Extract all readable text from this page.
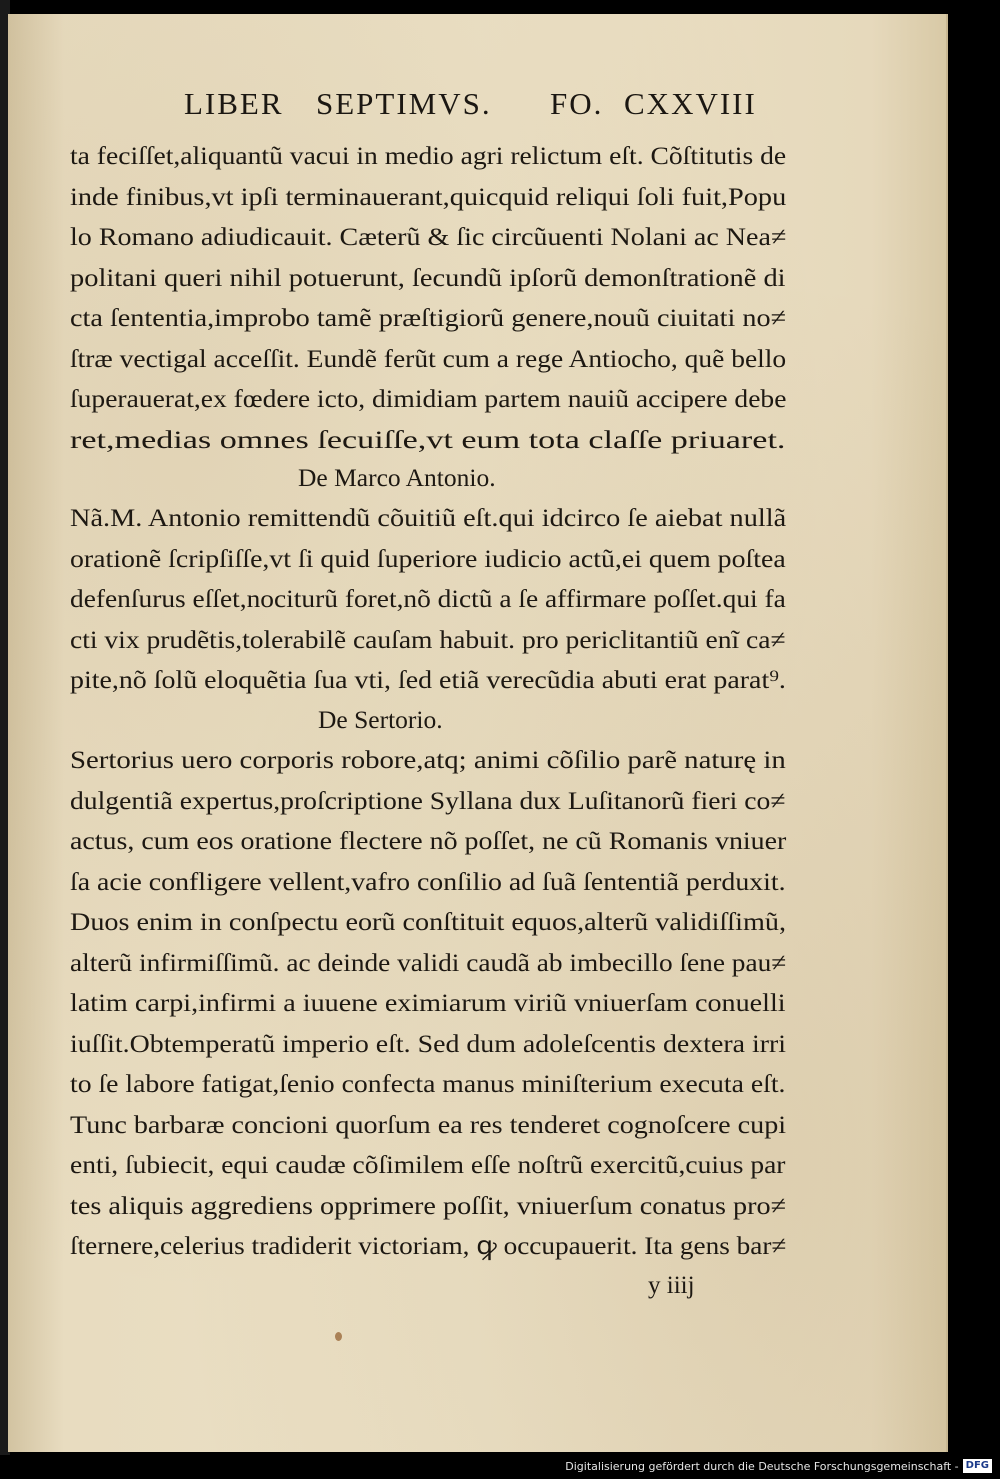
LIBER SEPTIMVS. FO. CXXVIII
ta feciſſet,aliquantũ vacui in medio agri relictum eſt. Cõſtitutis de
inde finibus,vt ipſi terminauerant,quicquid reliqui ſoli fuit,Popu
lo Romano adiudicauit. Cæterũ & ſic circũuenti Nolani ac Nea≠
politani queri nihil potuerunt, ſecundũ ipſorũ demonſtrationẽ di
cta ſententia,improbo tamẽ præſtigiorũ genere,nouũ ciuitati no≠
ſtræ vectigal acceſſit. Eundẽ ferũt cum a rege Antiocho, quẽ bello
ſuperauerat,ex fœdere icto, dimidiam partem nauiũ accipere debe
ret,medias omnes ſecuiſſe,vt eum tota claſſe priuaret.
De Marco Antonio.
Nã.M. Antonio remittendũ cõuitiũ eſt.qui idcirco ſe aiebat nullã
orationẽ ſcripſiſſe,vt ſi quid ſuperiore iudicio actũ,ei quem poſtea
defenſurus eſſet,nociturũ foret,nõ dictũ a ſe affirmare poſſet.qui fa
cti vix prudẽtis,tolerabilẽ cauſam habuit. pro periclitantiũ enĩ ca≠
pite,nõ ſolũ eloquẽtia ſua vti, ſed etiã verecũdia abuti erat parat⁹.
De Sertorio.
Sertorius uero corporis robore,atq; animi cõſilio parẽ naturę in
dulgentiã expertus,proſcriptione Syllana dux Luſitanorũ fieri co≠
actus, cum eos oratione flectere nõ poſſet, ne cũ Romanis vniuer
ſa acie confligere vellent,vafro conſilio ad ſuã ſententiã perduxit.
Duos enim in conſpectu eorũ conſtituit equos,alterũ validiſſimũ,
alterũ infirmiſſimũ. ac deinde validi caudã ab imbecillo ſene pau≠
latim carpi,infirmi a iuuene eximiarum viriũ vniuerſam conuelli
iuſſit.Obtemperatũ imperio eſt. Sed dum adoleſcentis dextera irri
to ſe labore fatigat,ſenio confecta manus miniſterium executa eſt.
Tunc barbaræ concioni quorſum ea res tenderet cognoſcere cupi
enti, ſubiecit, equi caudæ cõſimilem eſſe noſtrũ exercitũ,cuius par
tes aliquis aggrediens opprimere poſſit, vniuerſum conatus pro≠
ſternere,celerius tradiderit victoriam, ꝙ occupauerit. Ita gens bar≠
y iiij
Digitalisierung gefördert durch die Deutsche Forschungsgemeinschaft - DFG
